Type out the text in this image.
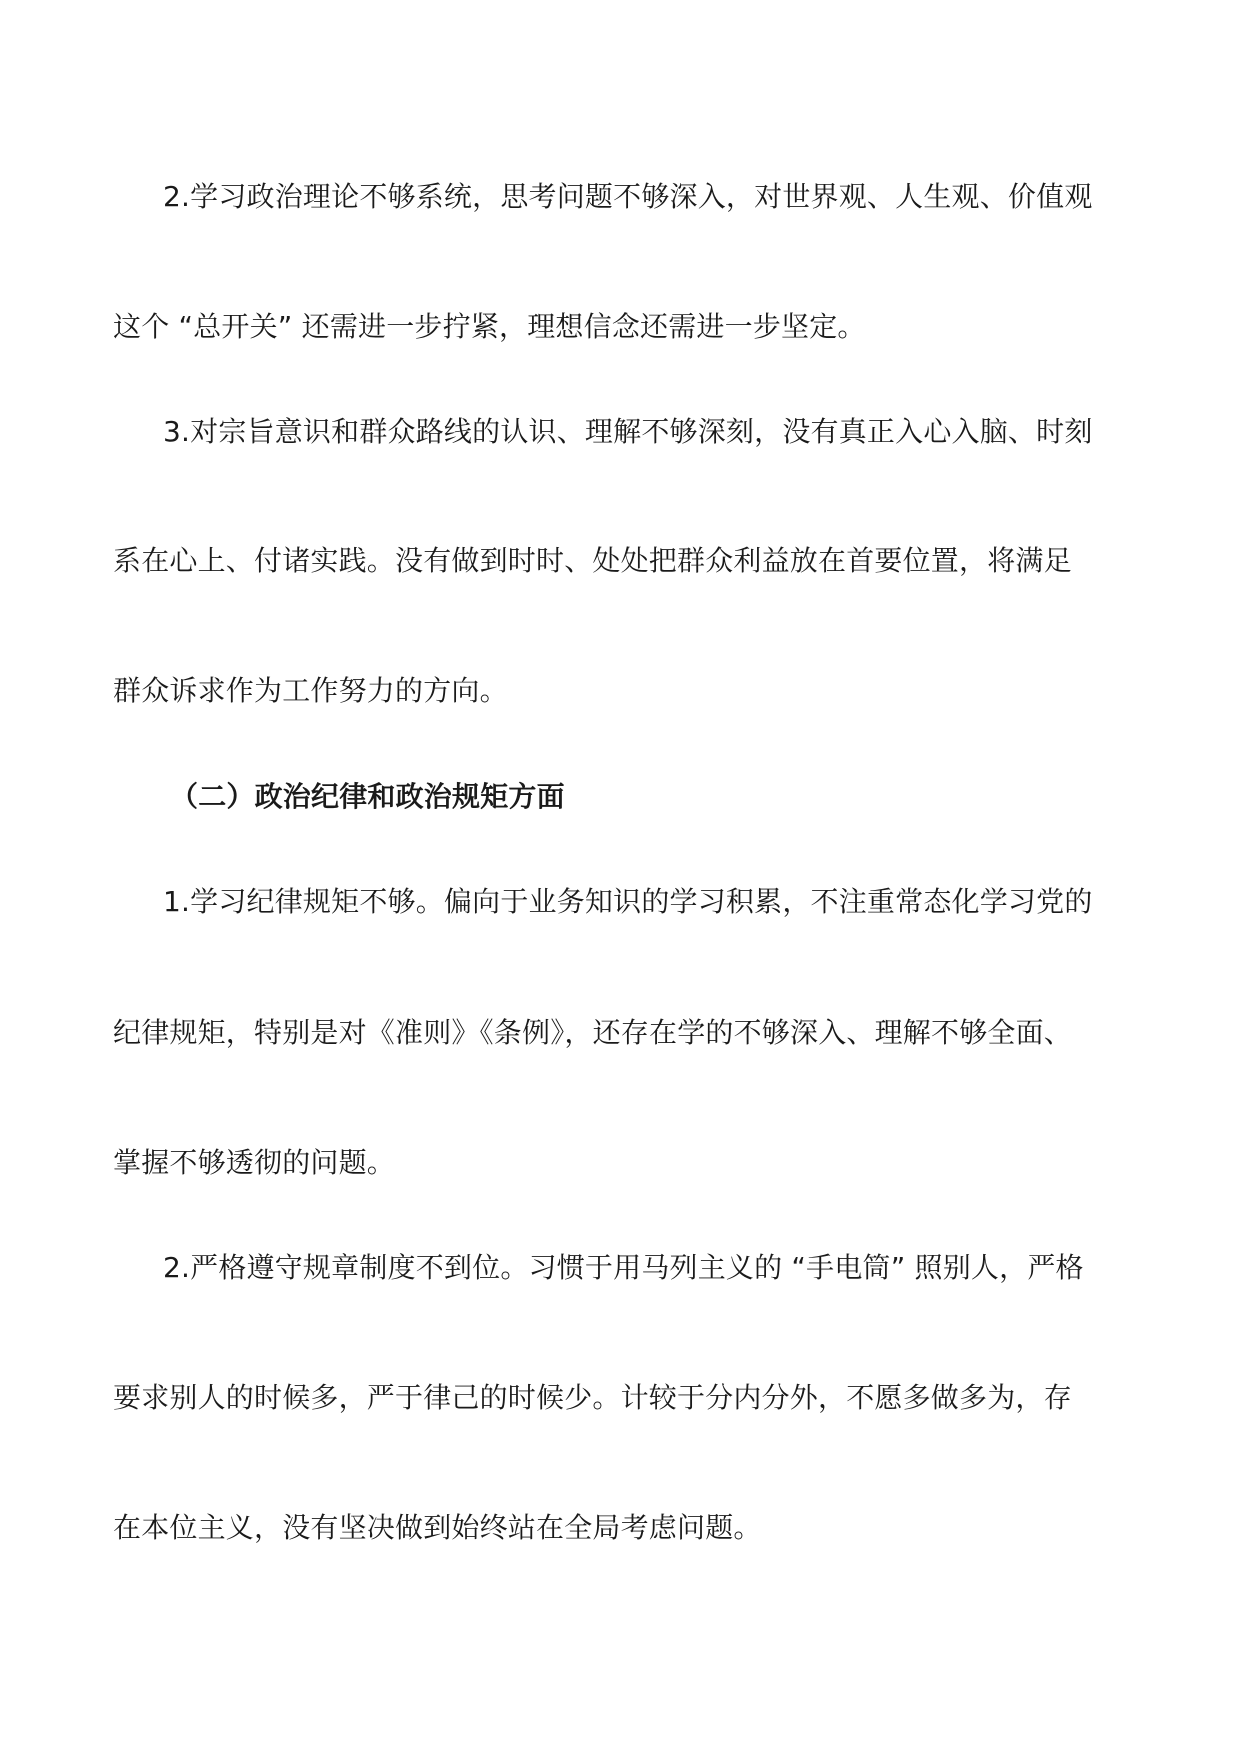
2.学习政治理论不够系统，思考问题不够深入，对世界观、人生观、价值观
这个 “总开关” 还需进一步拧紧，理想信念还需进一步坚定。
3.对宗旨意识和群众路线的认识、理解不够深刻，没有真正入心入脑、时刻
系在心上、付诸实践。没有做到时时、处处把群众利益放在首要位置，将满足
群众诉求作为工作努力的方向。
（二）政治纪律和政治规矩方面
1.学习纪律规矩不够。偏向于业务知识的学习积累，不注重常态化学习党的
纪律规矩，特别是对《准则》《条例》，还存在学的不够深入、理解不够全面、
掌握不够透彻的问题。
2.严格遵守规章制度不到位。习惯于用马列主义的 “手电筒” 照别人，严格
要求别人的时候多，严于律己的时候少。计较于分内分外，不愿多做多为，存
在本位主义，没有坚决做到始终站在全局考虑问题。
